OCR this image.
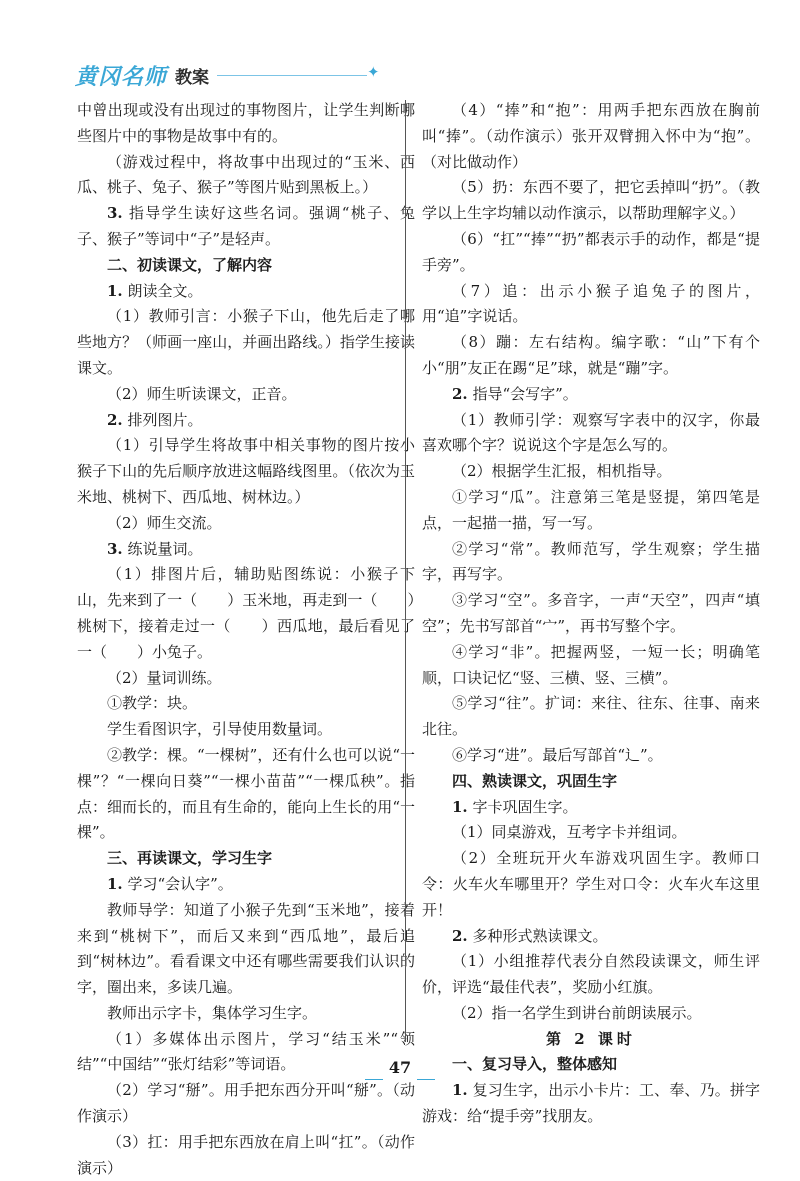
黄冈名师 教案	✦

中曾出现或没有出现过的事物图片，让学生判断哪些图片中的事物是故事中有的。

（游戏过程中，将故事中出现过的“玉米、西瓜、桃子、兔子、猴子”等图片贴到黑板上。）

3. 指导学生读好这些名词。强调“桃子、兔子、猴子”等词中“子”是轻声。

二、初读课文，了解内容

1. 朗读全文。

（1）教师引言：小猴子下山，他先后走了哪些地方？（师画一座山，并画出路线。）指学生接读课文。

（2）师生听读课文，正音。

2. 排列图片。

（1）引导学生将故事中相关事物的图片按小猴子下山的先后顺序放进这幅路线图里。（依次为玉米地、桃树下、西瓜地、树林边。）

（2）师生交流。

3. 练说量词。

（1）排图片后，辅助贴图练说：小猴子下山，先来到了一（　　）玉米地，再走到一（　　）桃树下，接着走过一（　　）西瓜地，最后看见了一（　　）小兔子。

（2）量词训练。

①教学：块。

学生看图识字，引导使用数量词。

②教学：棵。“一棵树”，还有什么也可以说“一棵”？“一棵向日葵”“一棵小苗苗”“一棵瓜秧”。指点：细而长的，而且有生命的，能向上生长的用“一棵”。

三、再读课文，学习生字

1. 学习“会认字”。

教师导学：知道了小猴子先到“玉米地”，接着来到“桃树下”，而后又来到“西瓜地”，最后追到“树林边”。看看课文中还有哪些需要我们认识的字，圈出来，多读几遍。

教师出示字卡，集体学习生字。

（1）多媒体出示图片，学习“结玉米”“领结”“中国结”“张灯结彩”等词语。

（2）学习“掰”。用手把东西分开叫“掰”。（动作演示）

（3）扛：用手把东西放在肩上叫“扛”。（动作演示）

（4）“捧”和“抱”：用两手把东西放在胸前叫“捧”。（动作演示）张开双臂拥入怀中为“抱”。（对比做动作）

（5）扔：东西不要了，把它丢掉叫“扔”。（教学以上生字均辅以动作演示，以帮助理解字义。）

（6）“扛”“捧”“扔”都表示手的动作，都是“提手旁”。

（7）追：出示小猴子追兔子的图片，用“追”字说话。

（8）蹦：左右结构。编字歌：“山”下有个小“朋”友正在踢“足”球，就是“蹦”字。

2. 指导“会写字”。

（1）教师引学：观察写字表中的汉字，你最喜欢哪个字？说说这个字是怎么写的。

（2）根据学生汇报，相机指导。

①学习“瓜”。注意第三笔是竖提，第四笔是点，一起描一描，写一写。

②学习“常”。教师范写，学生观察；学生描字，再写字。

③学习“空”。多音字，一声“天空”，四声“填空”；先书写部首“宀”，再书写整个字。

④学习“非”。把握两竖，一短一长；明确笔顺，口诀记忆“竖、三横、竖、三横”。

⑤学习“往”。扩词：来往、往东、往事、南来北往。

⑥学习“进”。最后写部首“辶”。

四、熟读课文，巩固生字

1. 字卡巩固生字。

（1）同桌游戏，互考字卡并组词。

（2）全班玩开火车游戏巩固生字。教师口令：火车火车哪里开？学生对口令：火车火车这里开！

2. 多种形式熟读课文。

（1）小组推荐代表分自然段读课文，师生评价，评选“最佳代表”，奖励小红旗。

（2）指一名学生到讲台前朗读展示。

第 2 课时

一、复习导入，整体感知

1. 复习生字，出示小卡片：工、奉、乃。拼字游戏：给“提手旁”找朋友。

47
